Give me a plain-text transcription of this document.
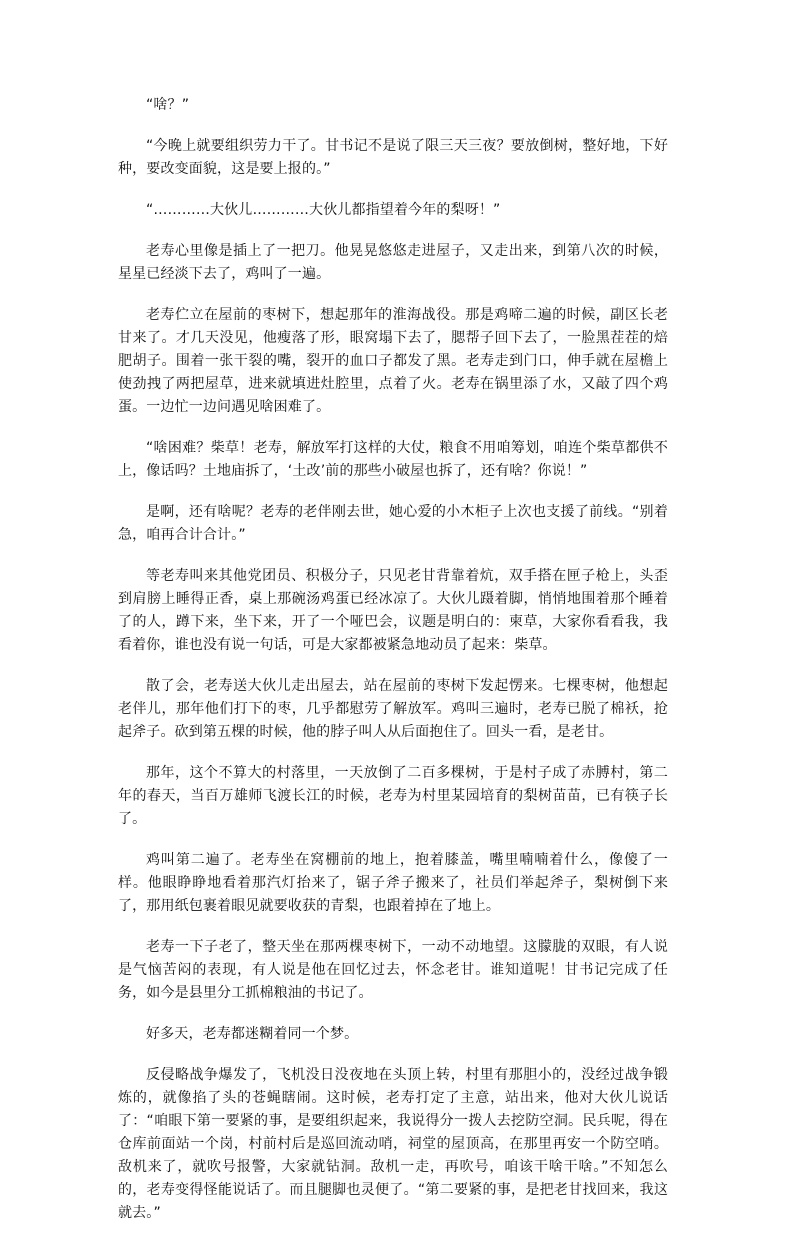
“啥？”

“今晚上就要组织劳力干了。甘书记不是说了限三天三夜？要放倒树，整好地，下好种，要改变面貌，这是要上报的。”

“…………大伙儿…………大伙儿都指望着今年的梨呀！”

老寿心里像是插上了一把刀。他晃晃悠悠走进屋子，又走出来，到第八次的时候，星星已经淡下去了，鸡叫了一遍。

老寿伫立在屋前的枣树下，想起那年的淮海战役。那是鸡啼二遍的时候，副区长老甘来了。才几天没见，他瘦落了形，眼窝塌下去了，腮帮子回下去了，一脸黑茬茬的焙肥胡子。围着一张干裂的嘴，裂开的血口子都发了黑。老寿走到门口，伸手就在屋檐上使劲拽了两把屋草，进来就填进灶腔里，点着了火。老寿在锅里添了水，又敲了四个鸡蛋。一边忙一边问遇见啥困难了。

“啥困难？柴草！老寿，解放军打这样的大仗，粮食不用咱筹划，咱连个柴草都供不上，像话吗？土地庙拆了，‘土改’前的那些小破屋也拆了，还有啥？你说！”

是啊，还有啥呢？老寿的老伴刚去世，她心爱的小木柜子上次也支援了前线。“别着急，咱再合计合计。”

等老寿叫来其他党团员、积极分子，只见老甘背靠着炕，双手搭在匣子枪上，头歪到肩膀上睡得正香，桌上那碗汤鸡蛋已经冰凉了。大伙儿蹑着脚，悄悄地围着那个睡着了的人，蹲下来，坐下来，开了一个哑巴会，议题是明白的：柬草，大家你看看我，我看着你，谁也没有说一句话，可是大家都被紧急地动员了起来：柴草。

散了会，老寿送大伙儿走出屋去，站在屋前的枣树下发起愣来。七棵枣树，他想起老伴儿，那年他们打下的枣，几乎都慰劳了解放军。鸡叫三遍时，老寿已脱了棉袄，抢起斧子。砍到第五棵的时候，他的脖子叫人从后面抱住了。回头一看，是老甘。

那年，这个不算大的村落里，一天放倒了二百多棵树，于是村子成了赤膊村，第二年的春天，当百万雄师飞渡长江的时候，老寿为村里某园培育的梨树苗苗，已有筷子长了。

鸡叫第二遍了。老寿坐在窝棚前的地上，抱着膝盖，嘴里喃喃着什么，像傻了一样。他眼睁睁地看着那汽灯抬来了，锯子斧子搬来了，社员们举起斧子，梨树倒下来了，那用纸包裹着眼见就要收获的青梨，也跟着掉在了地上。

老寿一下子老了，整天坐在那两棵枣树下，一动不动地望。这朦胧的双眼，有人说是气恼苦闷的表现，有人说是他在回忆过去，怀念老甘。谁知道呢！甘书记完成了任务，如今是县里分工抓棉粮油的书记了。

好多天，老寿都迷糊着同一个梦。

反侵略战争爆发了，飞机没日没夜地在头顶上转，村里有那胆小的，没经过战争锻炼的，就像掐了头的苍蝇瞎闹。这时候，老寿打定了主意，站出来，他对大伙儿说话了：“咱眼下第一要紧的事，是要组织起来，我说得分一拨人去挖防空洞。民兵呢，得在仓库前面站一个岗，村前村后是巡回流动哨，祠堂的屋顶高，在那里再安一个防空哨。敌机来了，就吹号报警，大家就钻洞。敌机一走，再吹号，咱该干啥干啥。”不知怎么的，老寿变得怪能说话了。而且腿脚也灵便了。“第二要紧的事，是把老甘找回来，我这就去。”
